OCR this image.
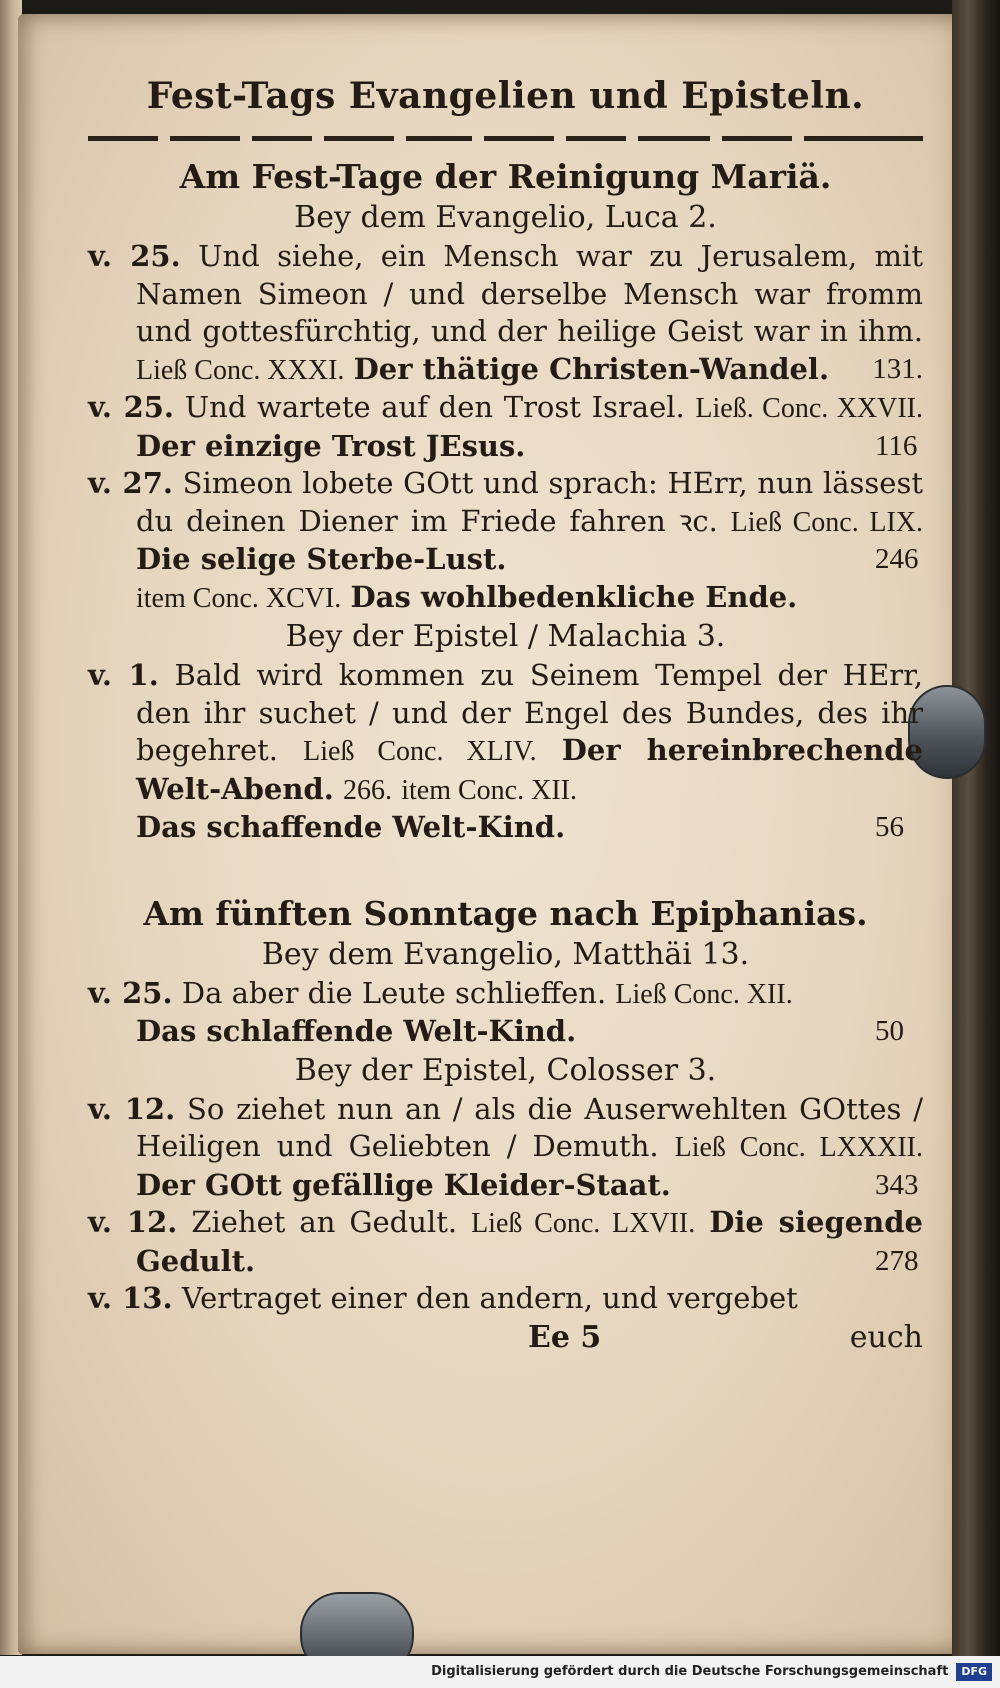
Fest-Tags Evangelien und Episteln.
Am Fest-Tage der Reinigung Mariä.
Bey dem Evangelio, Luca 2.
v. 25. Und siehe, ein Mensch war zu Jerusalem, mit Namen Simeon / und derselbe Mensch war fromm und gottesfürchtig, und der heilige Geist war in ihm. Ließ Conc. XXXI. Der thätige Christen-Wandel. 131.
v. 25. Und wartete auf den Trost Israel. Ließ. Conc. XXVII. Der einzige Trost JEsus.	116
v. 27. Simeon lobete GOtt und sprach: HErr, nun lässest du deinen Diener im Friede fahren ꝛc. Ließ Conc. LIX. Die selige Sterbe-Lust.	246

item Conc. XCVI. Das wohlbedenkliche Ende.
Bey der Epistel / Malachia 3.
v. 1. Bald wird kommen zu Seinem Tempel der HErr, den ihr suchet / und der Engel des Bundes, des ihr begehret. Ließ Conc. XLIV. Der hereinbrechende Welt-Abend. 266. item Conc. XII.
Das schaffende Welt-Kind.	56
Am fünften Sonntage nach Epiphanias.
Bey dem Evangelio, Matthäi 13.
v. 25. Da aber die Leute schlieffen. Ließ Conc. XII.
Das schlaffende Welt-Kind.	50
Bey der Epistel, Colosser 3.
v. 12. So ziehet nun an / als die Auserwehlten GOttes / Heiligen und Geliebten / Demuth. Ließ Conc. LXXXII. Der GOtt gefällige Kleider-Staat.	343
v. 12. Ziehet an Gedult. Ließ Conc. LXVII. Die siegende Gedult.	278
v. 13. Vertraget einer den andern, und vergebet
Ee 5	euch
Digitalisierung gefördert durch die Deutsche Forschungsgemeinschaft DFG
